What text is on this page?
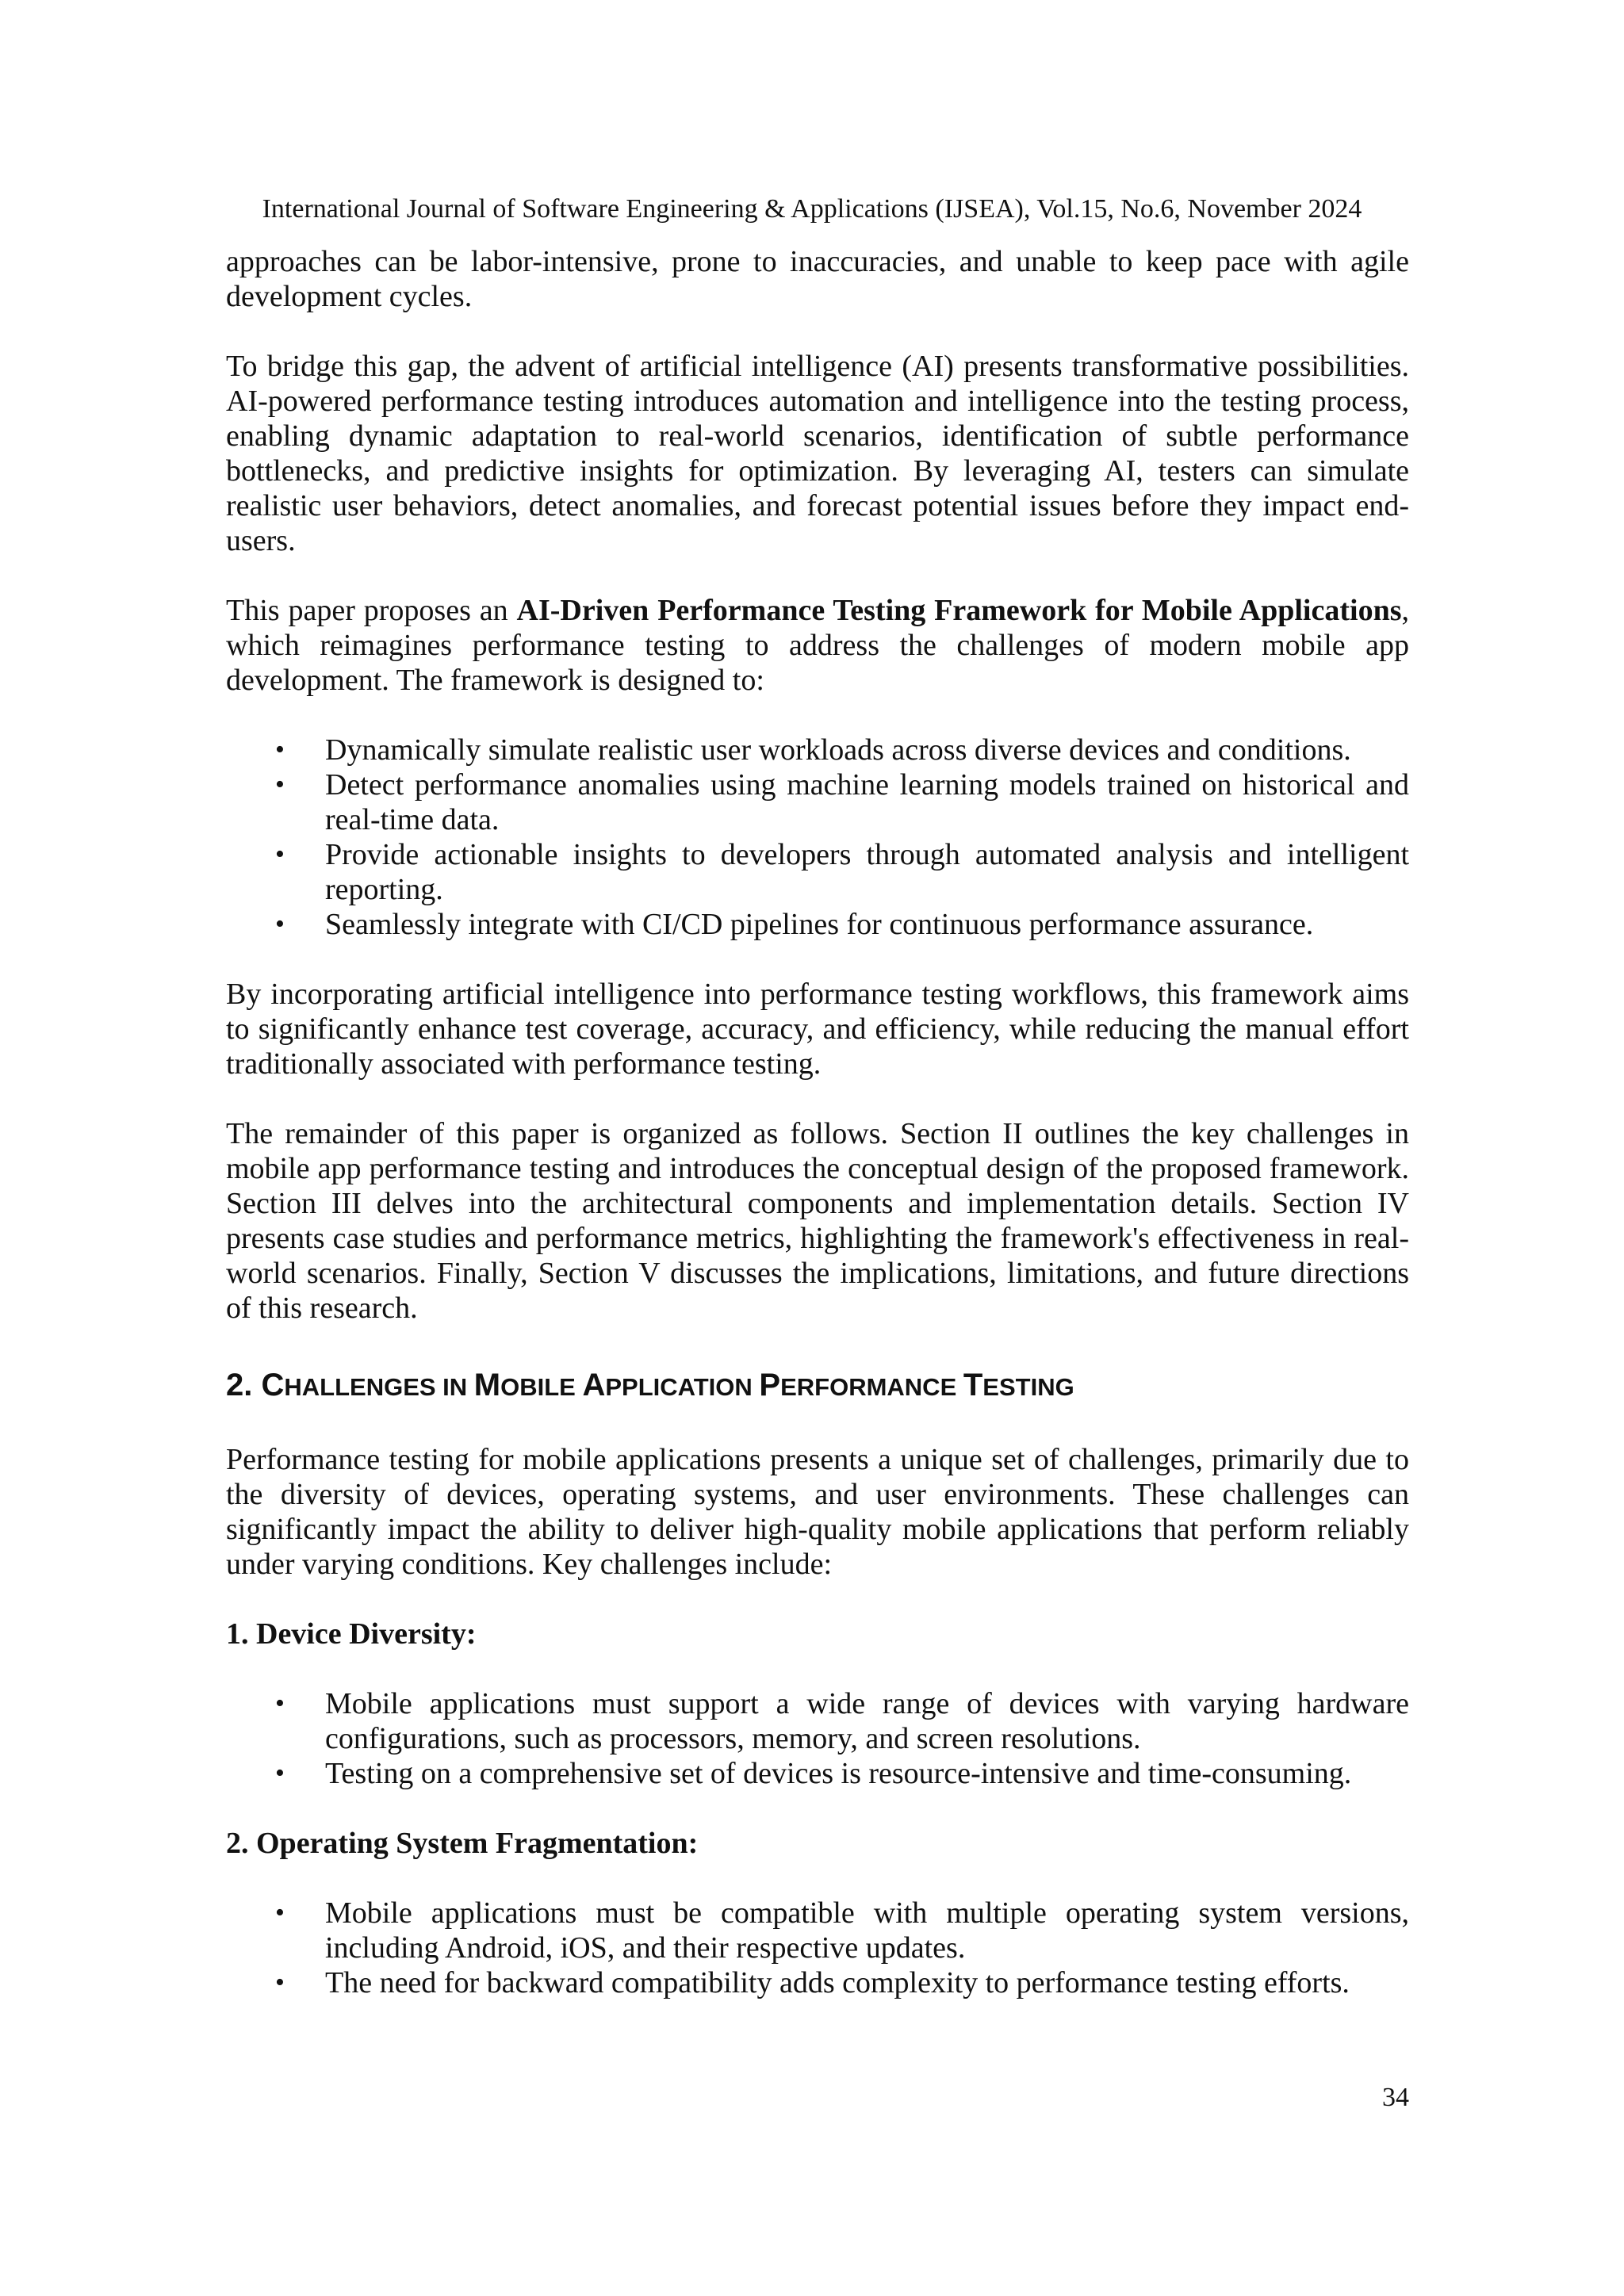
International Journal of Software Engineering & Applications (IJSEA), Vol.15, No.6, November 2024

approaches can be labor-intensive, prone to inaccuracies, and unable to keep pace with agile development cycles.

To bridge this gap, the advent of artificial intelligence (AI) presents transformative possibilities. AI-powered performance testing introduces automation and intelligence into the testing process, enabling dynamic adaptation to real-world scenarios, identification of subtle performance bottlenecks, and predictive insights for optimization. By leveraging AI, testers can simulate realistic user behaviors, detect anomalies, and forecast potential issues before they impact end-users.

This paper proposes an AI-Driven Performance Testing Framework for Mobile Applications, which reimagines performance testing to address the challenges of modern mobile app development. The framework is designed to:

• Dynamically simulate realistic user workloads across diverse devices and conditions.
• Detect performance anomalies using machine learning models trained on historical and real-time data.
• Provide actionable insights to developers through automated analysis and intelligent reporting.
• Seamlessly integrate with CI/CD pipelines for continuous performance assurance.

By incorporating artificial intelligence into performance testing workflows, this framework aims to significantly enhance test coverage, accuracy, and efficiency, while reducing the manual effort traditionally associated with performance testing.

The remainder of this paper is organized as follows. Section II outlines the key challenges in mobile app performance testing and introduces the conceptual design of the proposed framework. Section III delves into the architectural components and implementation details. Section IV presents case studies and performance metrics, highlighting the framework's effectiveness in real-world scenarios. Finally, Section V discusses the implications, limitations, and future directions of this research.

2. CHALLENGES IN MOBILE APPLICATION PERFORMANCE TESTING

Performance testing for mobile applications presents a unique set of challenges, primarily due to the diversity of devices, operating systems, and user environments. These challenges can significantly impact the ability to deliver high-quality mobile applications that perform reliably under varying conditions. Key challenges include:

1. Device Diversity:

• Mobile applications must support a wide range of devices with varying hardware configurations, such as processors, memory, and screen resolutions.
• Testing on a comprehensive set of devices is resource-intensive and time-consuming.

2. Operating System Fragmentation:

• Mobile applications must be compatible with multiple operating system versions, including Android, iOS, and their respective updates.
• The need for backward compatibility adds complexity to performance testing efforts.
34
